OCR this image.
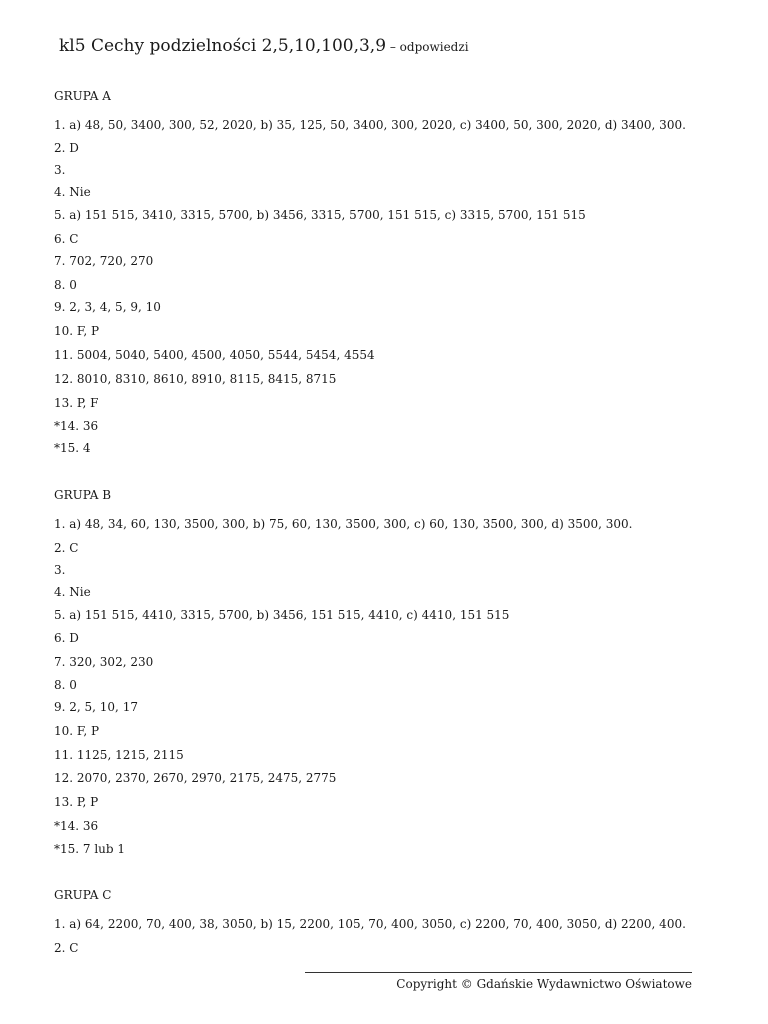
kl5 Cechy podzielności 2,5,10,100,3,9 – odpowiedzi
GRUPA A
1. a) 48, 50, 3400, 300, 52, 2020, b) 35, 125, 50, 3400, 300, 2020, c) 3400, 50, 300, 2020, d) 3400, 300.
2. D
3.
4. Nie
5. a) 151 515, 3410, 3315, 5700, b) 3456, 3315, 5700, 151 515, c) 3315, 5700, 151 515
6. C
7. 702, 720, 270
8. 0
9. 2, 3, 4, 5, 9, 10
10. F, P
11. 5004, 5040, 5400, 4500, 4050, 5544, 5454, 4554
12. 8010, 8310, 8610, 8910, 8115, 8415, 8715
13. P, F
*14. 36
*15. 4
GRUPA B
1. a) 48, 34, 60, 130, 3500, 300, b) 75, 60, 130, 3500, 300, c) 60, 130, 3500, 300, d) 3500, 300.
2. C
3.
4. Nie
5. a) 151 515, 4410, 3315, 5700, b) 3456, 151 515, 4410, c) 4410, 151 515
6. D
7. 320, 302, 230
8. 0
9. 2, 5, 10, 17
10. F, P
11. 1125, 1215, 2115
12. 2070, 2370, 2670, 2970, 2175, 2475, 2775
13. P, P
*14. 36
*15. 7 lub 1
GRUPA C
1. a) 64, 2200, 70, 400, 38, 3050, b) 15, 2200, 105, 70, 400, 3050, c) 2200, 70, 400, 3050, d) 2200, 400.
2. C
Copyright © Gdańskie Wydawnictwo Oświatowe
